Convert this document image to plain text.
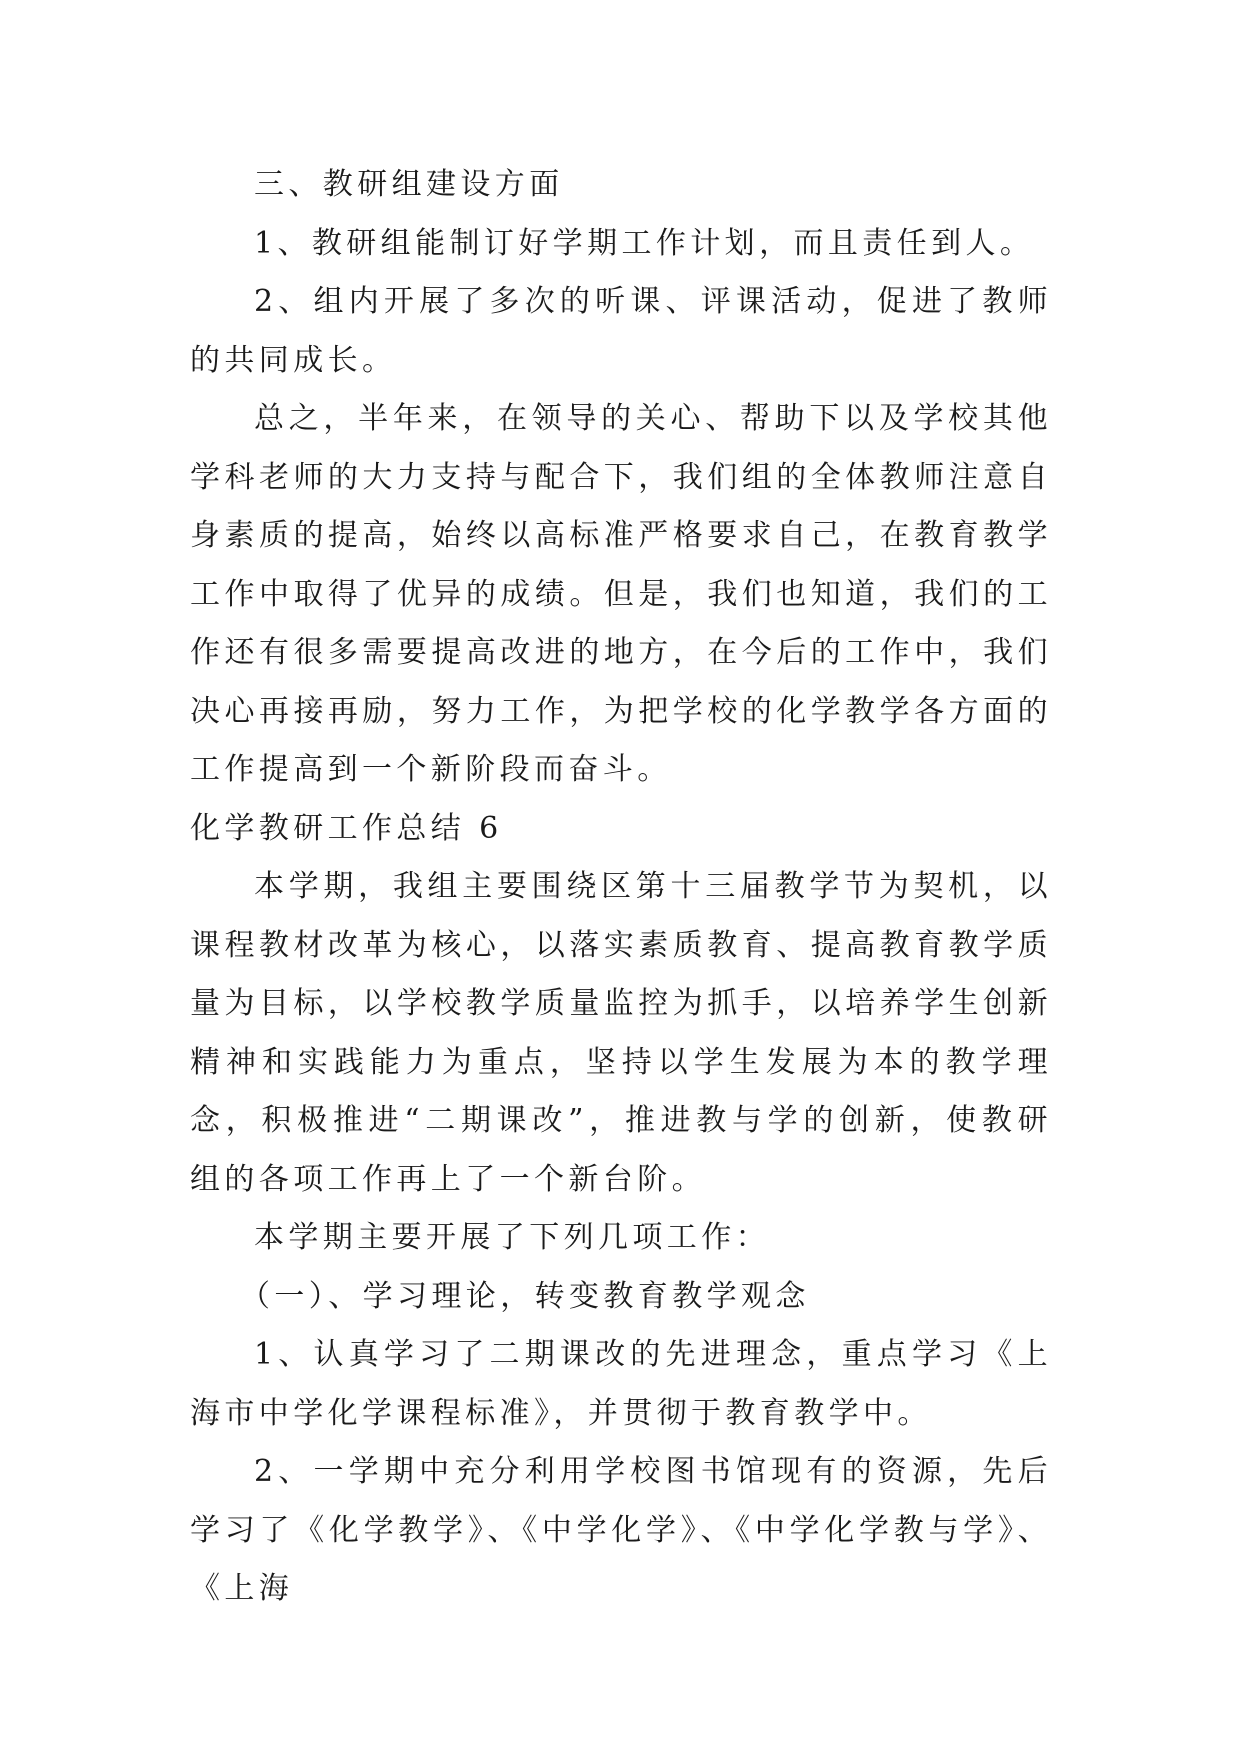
三、教研组建设方面

1、教研组能制订好学期工作计划，而且责任到人。

2、组内开展了多次的听课、评课活动，促进了教师的共同成长。

总之，半年来，在领导的关心、帮助下以及学校其他学科老师的大力支持与配合下，我们组的全体教师注意自身素质的提高，始终以高标准严格要求自己，在教育教学工作中取得了优异的成绩。但是，我们也知道，我们的工作还有很多需要提高改进的地方，在今后的工作中，我们决心再接再励，努力工作，为把学校的化学教学各方面的工作提高到一个新阶段而奋斗。

化学教研工作总结 6

本学期，我组主要围绕区第十三届教学节为契机，以课程教材改革为核心，以落实素质教育、提高教育教学质量为目标，以学校教学质量监控为抓手，以培养学生创新精神和实践能力为重点，坚持以学生发展为本的教学理念，积极推进“二期课改”，推进教与学的创新，使教研组的各项工作再上了一个新台阶。

本学期主要开展了下列几项工作：

（一）、学习理论，转变教育教学观念

1、认真学习了二期课改的先进理念，重点学习《上海市中学化学课程标准》，并贯彻于教育教学中。

2、一学期中充分利用学校图书馆现有的资源，先后学习了《化学教学》、《中学化学》、《中学化学教与学》、《上海
